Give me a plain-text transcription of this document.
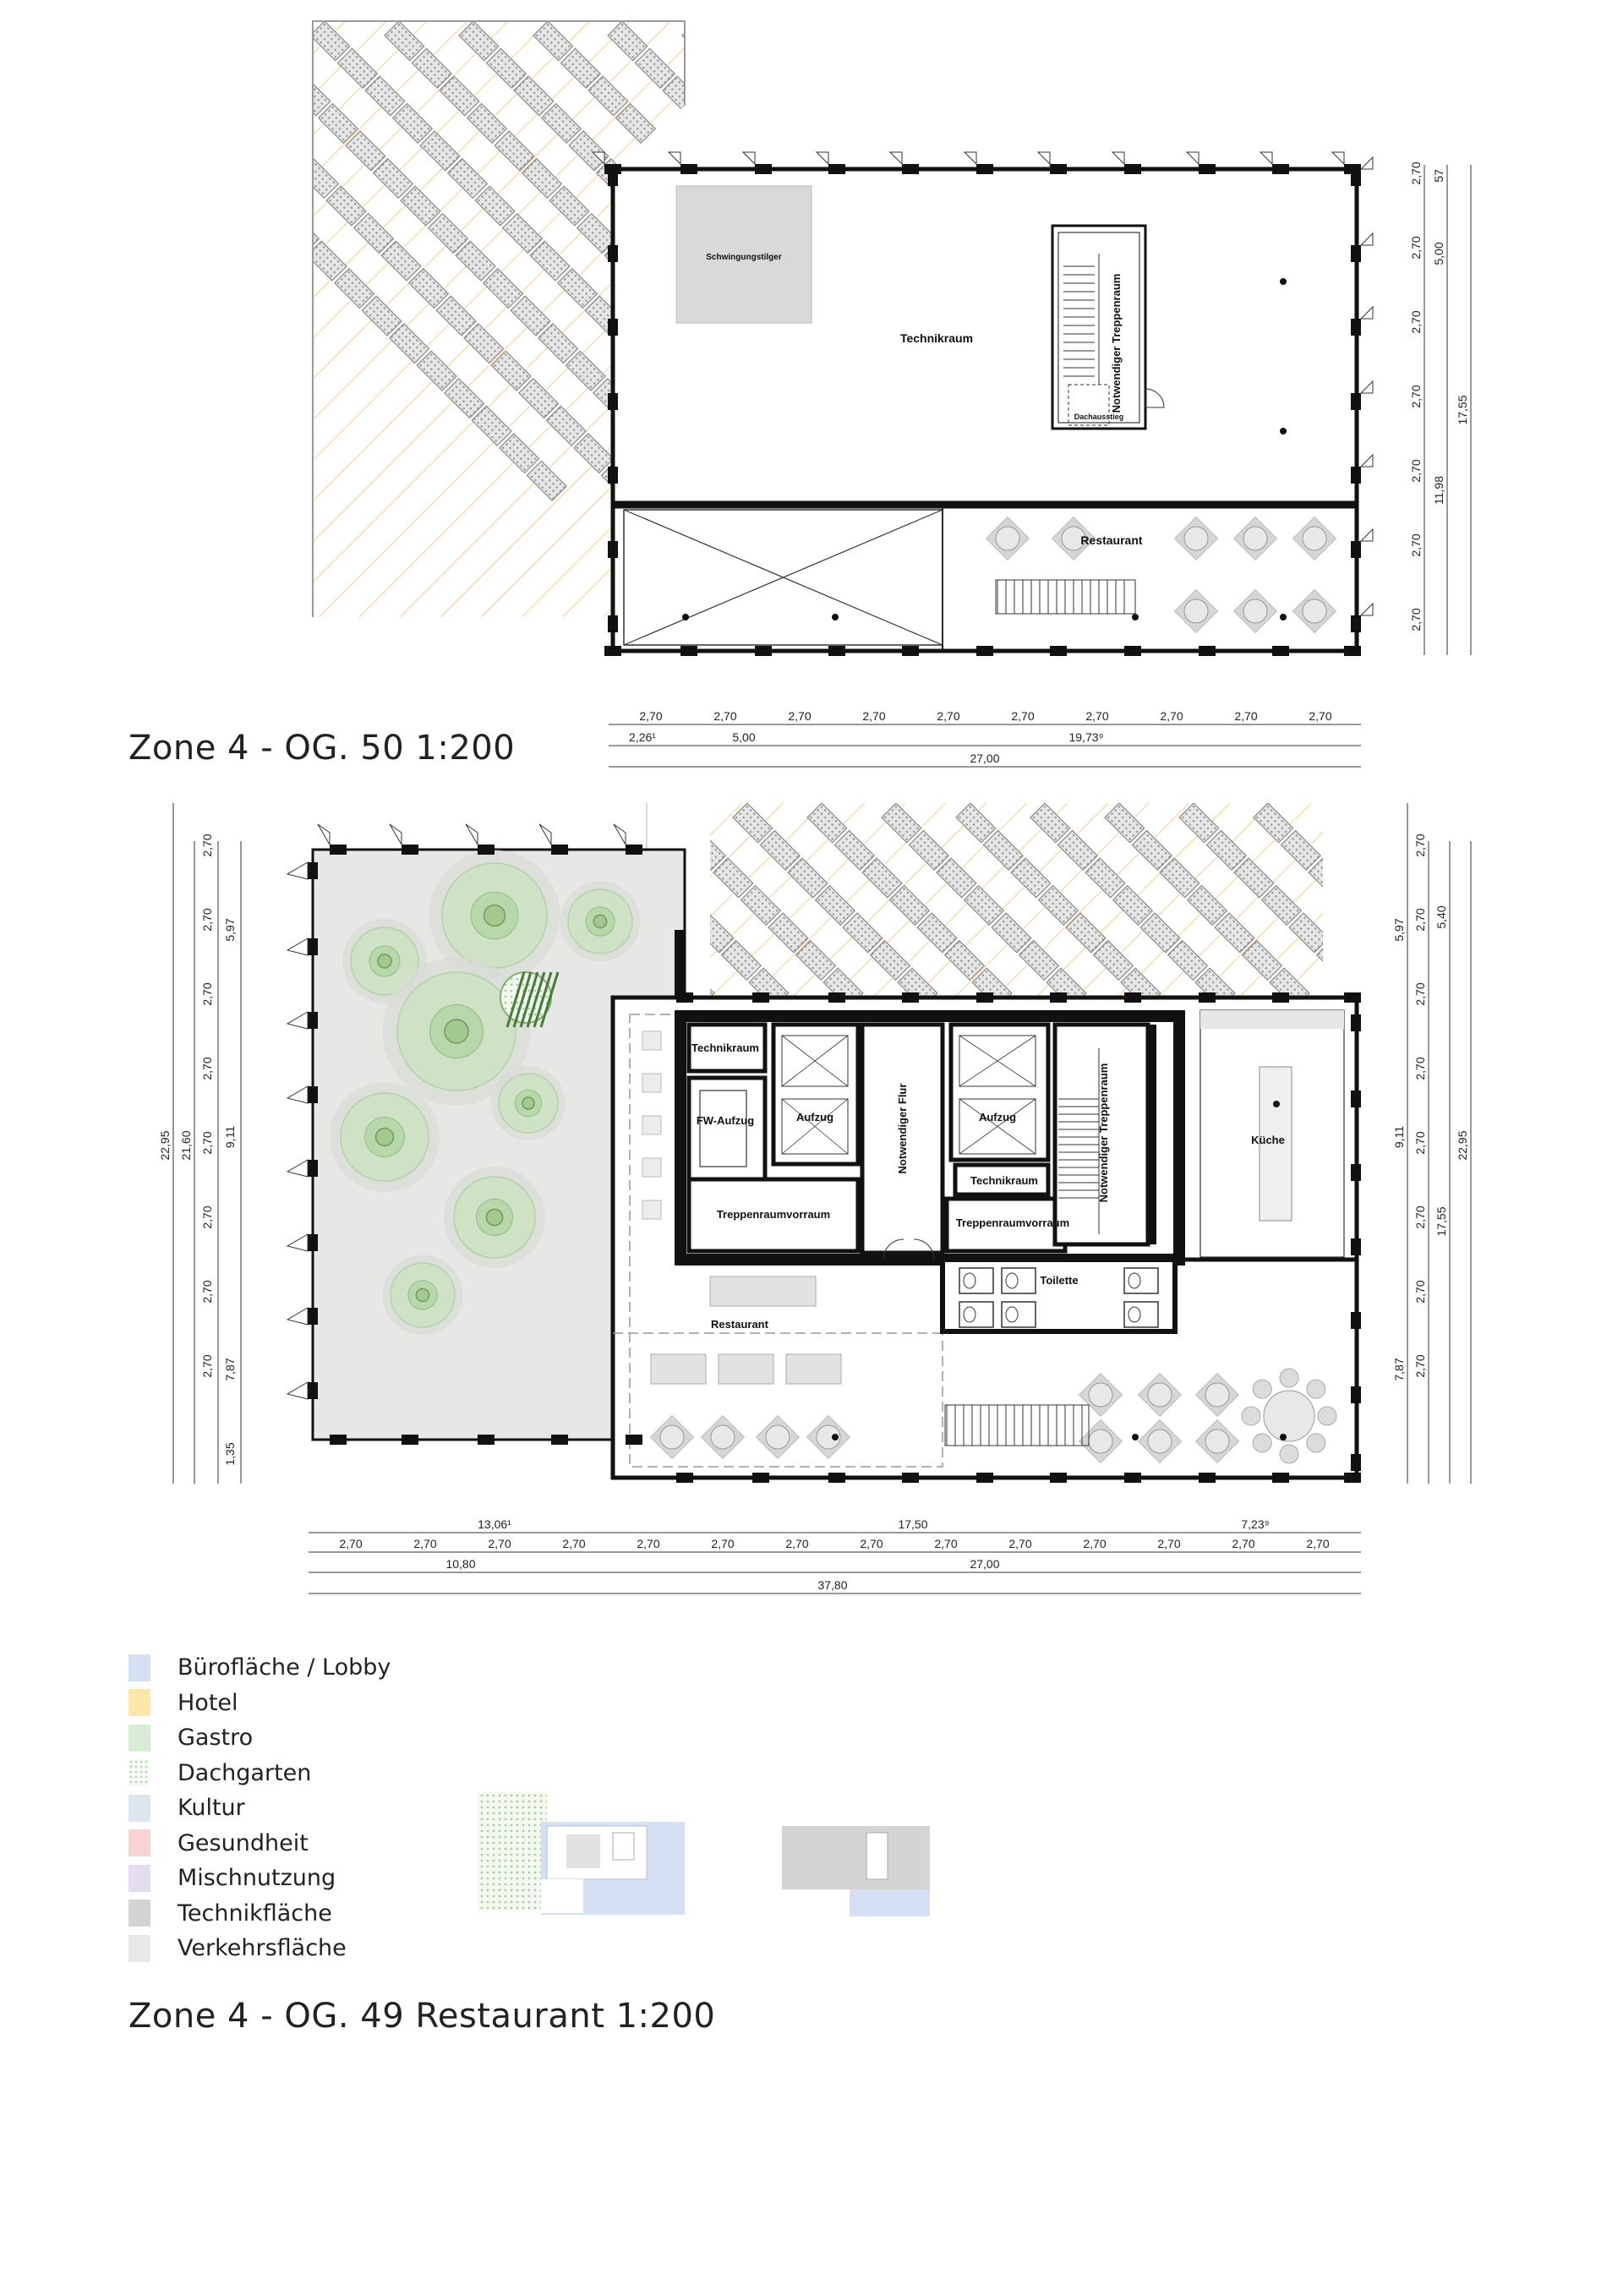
Schwingungstilger
Technikraum	Notwendiger Treppenraum
Dachausstieg
Restaurant
2,70	2,70	2,70	2,70	2,70	2,70	2,70	2,70	2,70	2,70
2,26¹	5,00	19,73⁹
27,00
2,70
2,70
2,70
2,70
2,70
2,70
2,70
57
5,00
11,98
17,55
Technikraum
FW-Aufzug	Aufzug	Aufzug
Notwendiger Flur
Technikraum	Notwendiger Treppenraum
Treppenraumvorraum
Treppenraumvorraum
Küche
Toilette
Restaurant
13,06¹	17,50	7,23⁹
2,70	2,70	2,70	2,70	2,70	2,70	2,70	2,70	2,70	2,70	2,70	2,70	2,70	2,70
10,80	27,00
37,80
2,70
2,70
2,70
2,70
2,70
2,70
2,70
2,70
5,97
9,11
7,87
1,35
21,60
22,95
2,70
2,70
2,70
2,70
2,70
2,70
2,70
2,70
5,97
9,11
7,87
5,40
17,55
22,95
Zone 4 - OG. 50 1:200
Zone 4 - OG. 49 Restaurant 1:200
Bürofläche / Lobby
Hotel
Gastro
Dachgarten
Kultur
Gesundheit
Mischnutzung
Technikfläche
Verkehrsfläche
